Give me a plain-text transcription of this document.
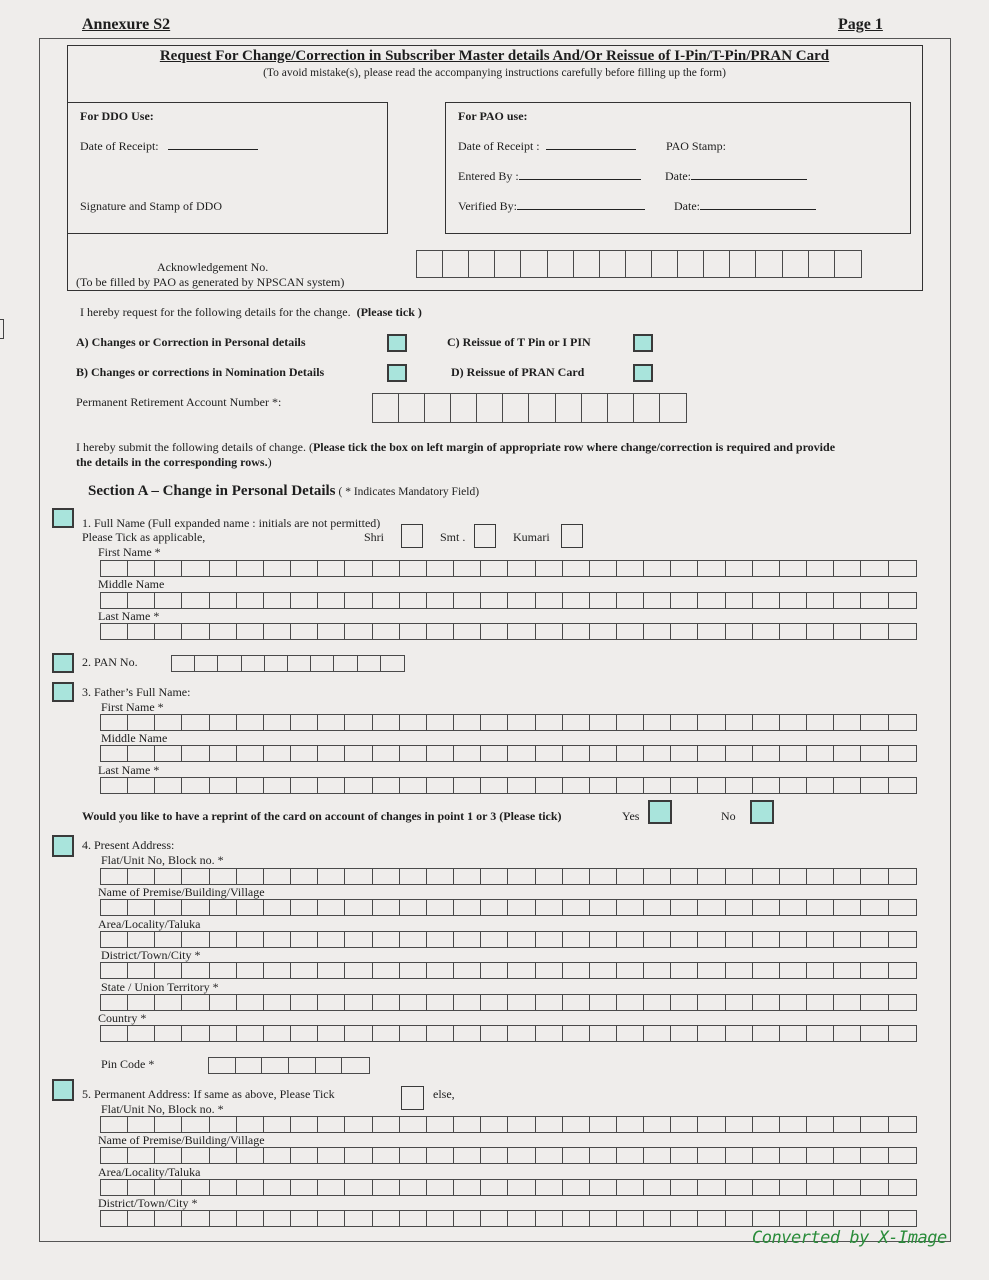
Annexure S2	Page 1
Request For Change/Correction in Subscriber Master details And/Or Reissue of I-Pin/T-Pin/PRAN Card
(To avoid mistake(s), please read the accompanying instructions carefully before filling up the form)
For DDO Use:
Date of Receipt:
Signature and Stamp of DDO
For PAO use:
Date of Receipt :	PAO Stamp:
Entered By :	Date:
Verified By:	Date:
Acknowledgement No.
(To be filled by PAO as generated by NPSCAN system)
I hereby request for the following details for the change. (Please tick )
A) Changes or Correction in Personal details
B) Changes or corrections in Nomination Details
C) Reissue of T Pin or I PIN
D) Reissue of PRAN Card
Permanent Retirement Account Number *:
I hereby submit the following details of change. (Please tick the box on left margin of appropriate row where change/correction is required and provide
the details in the corresponding rows.)
Section A – Change in Personal Details ( * Indicates Mandatory Field)
1. Full Name (Full expanded name : initials are not permitted)
Please Tick as applicable,	Shri	Smt .	Kumari
First Name *
Middle Name
Last Name *
2. PAN No.
3. Father’s Full Name:
First Name *
Middle Name
Last Name *
Would you like to have a reprint of the card on account of changes in point 1 or 3 (Please tick)	Yes	No
4. Present Address:
Flat/Unit No, Block no. *
Name of Premise/Building/Village
Area/Locality/Taluka
District/Town/City *
State / Union Territory *
Country *
Pin Code *
5. Permanent Address: If same as above, Please Tick	else,
Flat/Unit No, Block no. *
Name of Premise/Building/Village
Area/Locality/Taluka
District/Town/City *
Converted by X-Image
